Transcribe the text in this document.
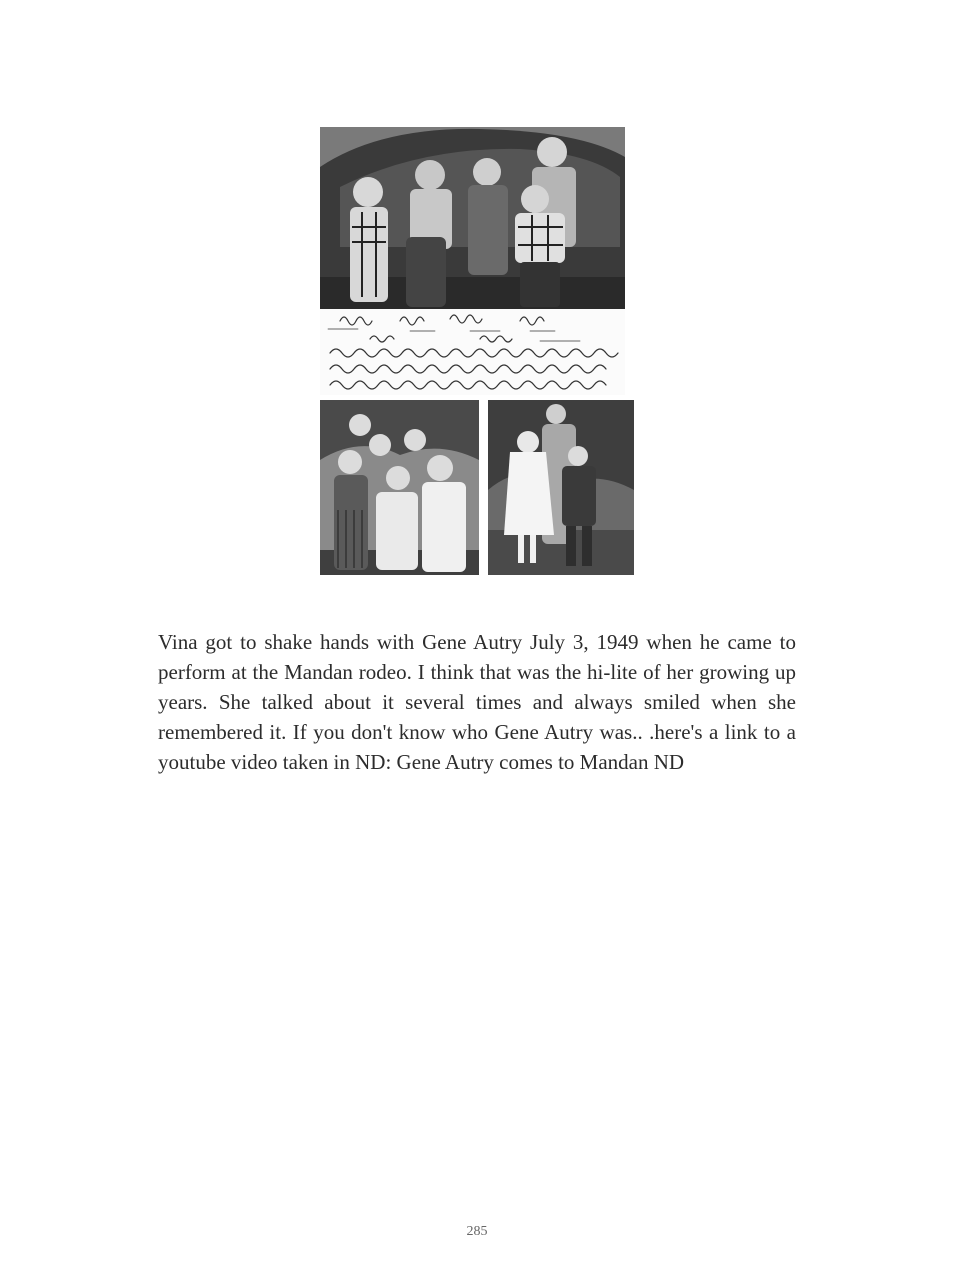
Vina got to shake hands with Gene Autry July 3, 1949 when he came to perform at the Mandan rodeo. I think that was the hi-lite of her growing up years. She talked about it several times and always smiled when she remembered it. If you don't know who Gene Autry was.. .here's a link to a youtube video taken in ND: Gene Autry comes to Mandan ND

285
